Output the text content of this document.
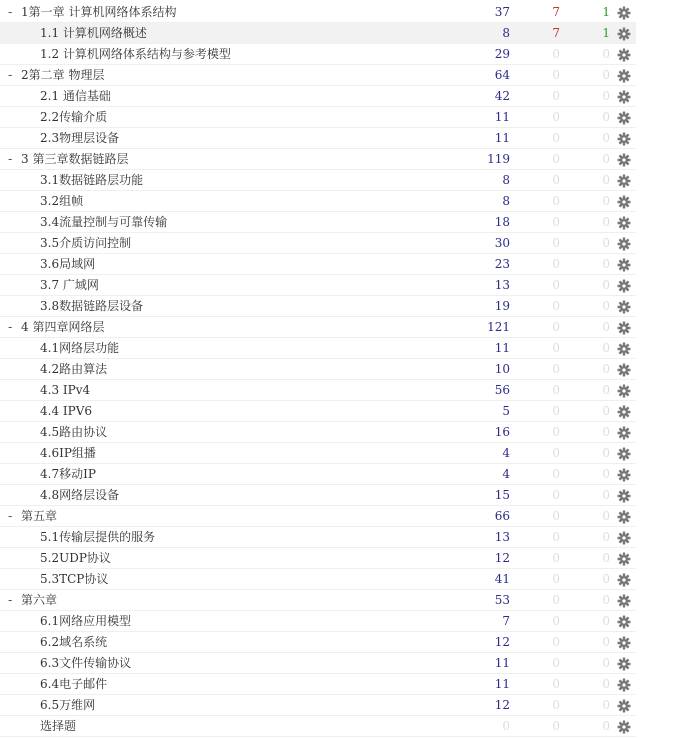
- 1第一章 计算机网络体系结构	37	7	1
1.1 计算机网络概述	8	7	1
1.2 计算机网络体系结构与参考模型	29	0	0
- 2第二章 物理层	64	0	0
2.1 通信基础	42	0	0
2.2传输介质	11	0	0
2.3物理层设备	11	0	0
- 3 第三章数据链路层	119	0	0
3.1数据链路层功能	8	0	0
3.2组帧	8	0	0
3.4流量控制与可靠传输	18	0	0
3.5介质访问控制	30	0	0
3.6局域网	23	0	0
3.7 广域网	13	0	0
3.8数据链路层设备	19	0	0
- 4 第四章网络层	121	0	0
4.1网络层功能	11	0	0
4.2路由算法	10	0	0
4.3 IPv4	56	0	0
4.4 IPV6	5	0	0
4.5路由协议	16	0	0
4.6IP组播	4	0	0
4.7移动IP	4	0	0
4.8网络层设备	15	0	0
- 第五章	66	0	0
5.1传输层提供的服务	13	0	0
5.2UDP协议	12	0	0
5.3TCP协议	41	0	0
- 第六章	53	0	0
6.1网络应用模型	7	0	0
6.2域名系统	12	0	0
6.3文件传输协议	11	0	0
6.4电子邮件	11	0	0
6.5万维网	12	0	0
选择题	0	0	0
